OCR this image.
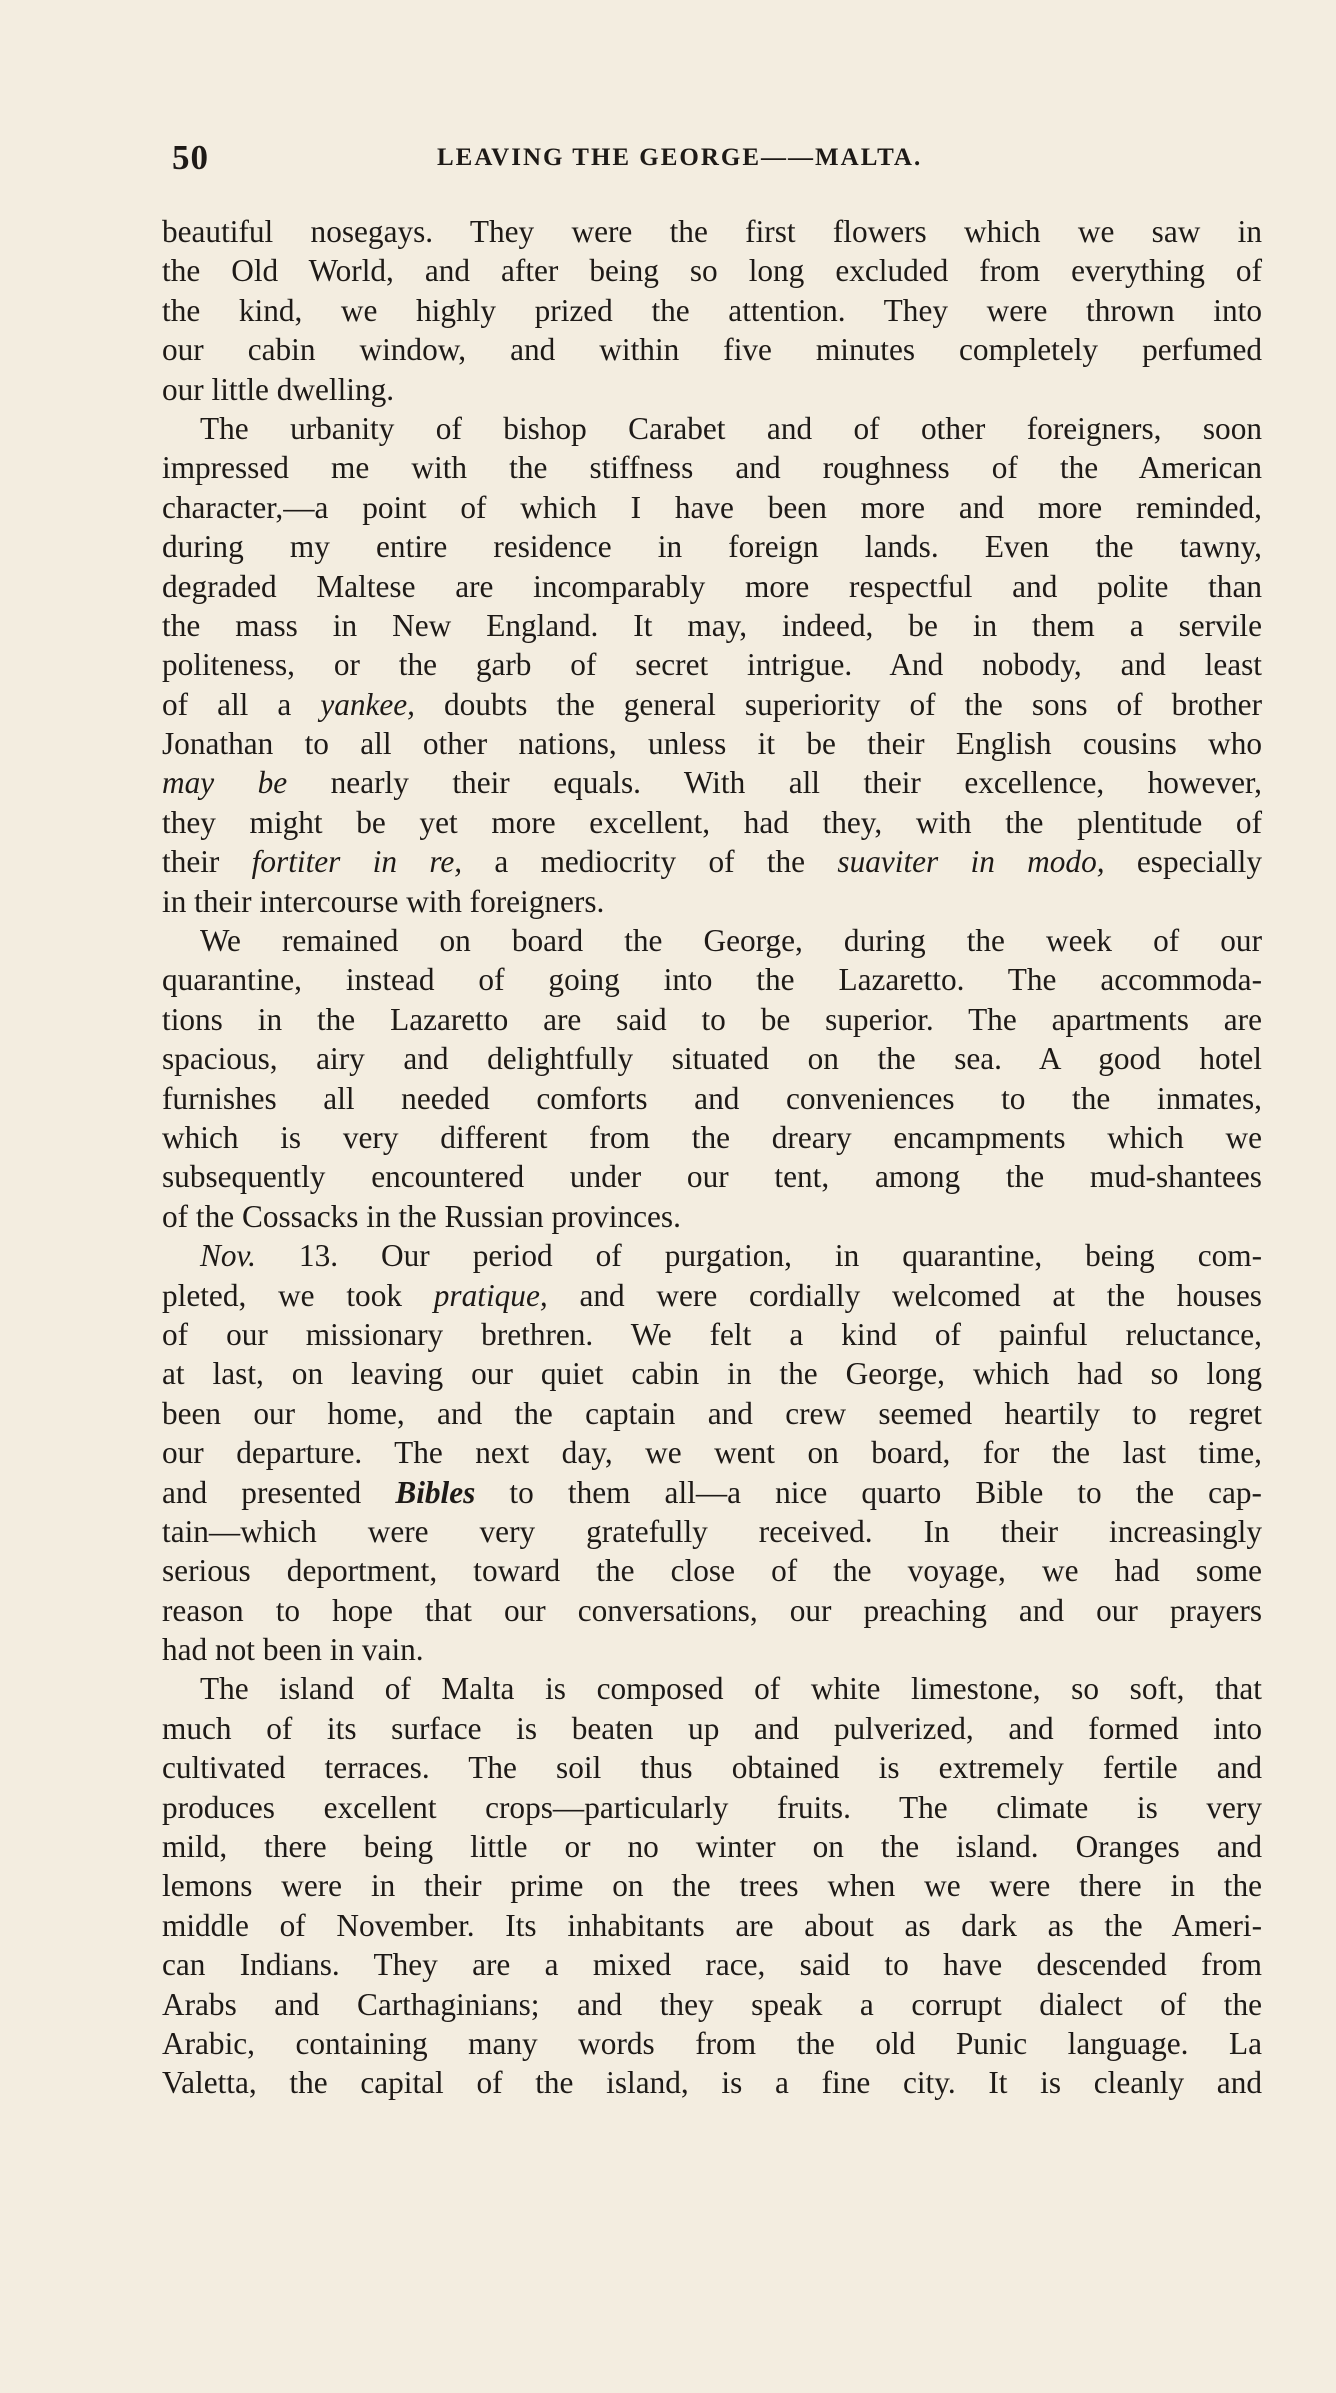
50	LEAVING THE GEORGE——MALTA.
beautiful nosegays. They were the first flowers which we saw in
the Old World, and after being so long excluded from everything of
the kind, we highly prized the attention. They were thrown into
our cabin window, and within five minutes completely perfumed
our little dwelling.
The urbanity of bishop Carabet and of other foreigners, soon
impressed me with the stiffness and roughness of the American
character,—a point of which I have been more and more reminded,
during my entire residence in foreign lands. Even the tawny,
degraded Maltese are incomparably more respectful and polite than
the mass in New England. It may, indeed, be in them a servile
politeness, or the garb of secret intrigue. And nobody, and least
of all a yankee, doubts the general superiority of the sons of brother
Jonathan to all other nations, unless it be their English cousins who
may be nearly their equals. With all their excellence, however,
they might be yet more excellent, had they, with the plentitude of
their fortiter in re, a mediocrity of the suaviter in modo, especially
in their intercourse with foreigners.
We remained on board the George, during the week of our
quarantine, instead of going into the Lazaretto. The accommoda-
tions in the Lazaretto are said to be superior. The apartments are
spacious, airy and delightfully situated on the sea. A good hotel
furnishes all needed comforts and conveniences to the inmates,
which is very different from the dreary encampments which we
subsequently encountered under our tent, among the mud-shantees
of the Cossacks in the Russian provinces.
Nov. 13. Our period of purgation, in quarantine, being com-
pleted, we took pratique, and were cordially welcomed at the houses
of our missionary brethren. We felt a kind of painful reluctance,
at last, on leaving our quiet cabin in the George, which had so long
been our home, and the captain and crew seemed heartily to regret
our departure. The next day, we went on board, for the last time,
and presented Bibles to them all—a nice quarto Bible to the cap-
tain—which were very gratefully received. In their increasingly
serious deportment, toward the close of the voyage, we had some
reason to hope that our conversations, our preaching and our prayers
had not been in vain.
The island of Malta is composed of white limestone, so soft, that
much of its surface is beaten up and pulverized, and formed into
cultivated terraces. The soil thus obtained is extremely fertile and
produces excellent crops—particularly fruits. The climate is very
mild, there being little or no winter on the island. Oranges and
lemons were in their prime on the trees when we were there in the
middle of November. Its inhabitants are about as dark as the Ameri-
can Indians. They are a mixed race, said to have descended from
Arabs and Carthaginians; and they speak a corrupt dialect of the
Arabic, containing many words from the old Punic language. La
Valetta, the capital of the island, is a fine city. It is cleanly and
